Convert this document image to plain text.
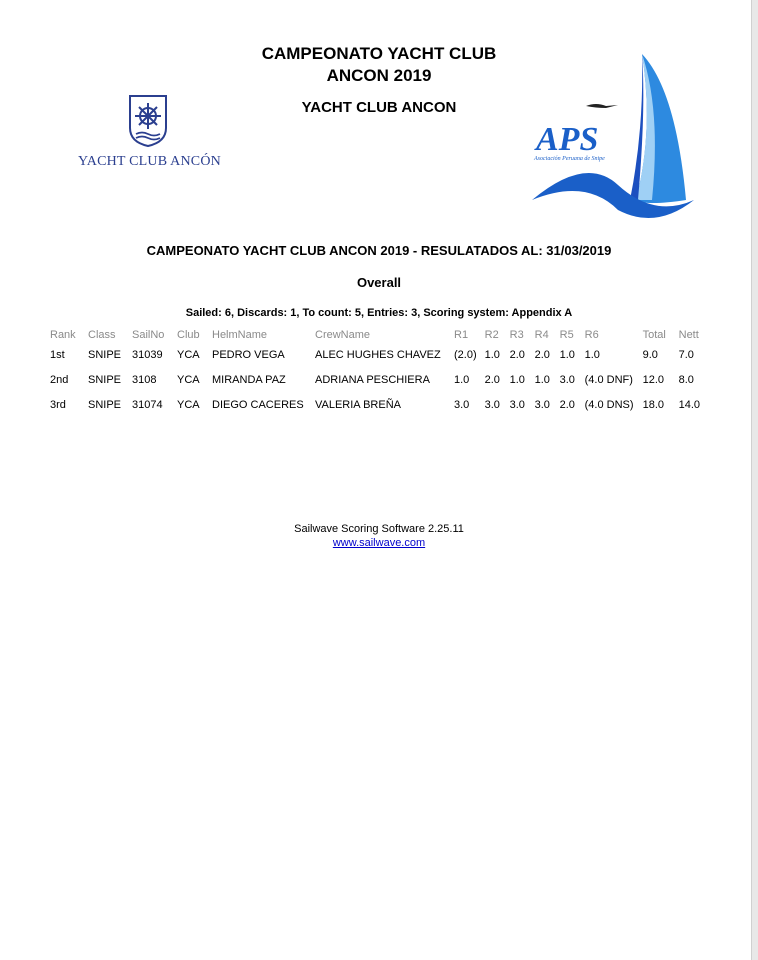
CAMPEONATO YACHT CLUB
ANCON 2019
YACHT CLUB ANCON
YACHT CLUB ANCÓN
APS
Asociación Peruana de Snipe
CAMPEONATO YACHT CLUB ANCON 2019 - RESULATADOS AL: 31/03/2019
Overall
Sailed: 6, Discards: 1, To count: 5, Entries: 3, Scoring system: Appendix A
Rank	Class	SailNo	Club	HelmName	CrewName	R1	R2	R3	R4	R5	R6	Total	Nett
1st	SNIPE	31039	YCA	PEDRO VEGA	ALEC HUGHES CHAVEZ	(2.0)	1.0	2.0	2.0	1.0	1.0	9.0	7.0
2nd	SNIPE	3108	YCA	MIRANDA PAZ	ADRIANA PESCHIERA	1.0	2.0	1.0	1.0	3.0	(4.0 DNF)	12.0	8.0
3rd	SNIPE	31074	YCA	DIEGO CACERES	VALERIA BREÑA	3.0	3.0	3.0	3.0	2.0	(4.0 DNS)	18.0	14.0
Sailwave Scoring Software 2.25.11
www.sailwave.com
